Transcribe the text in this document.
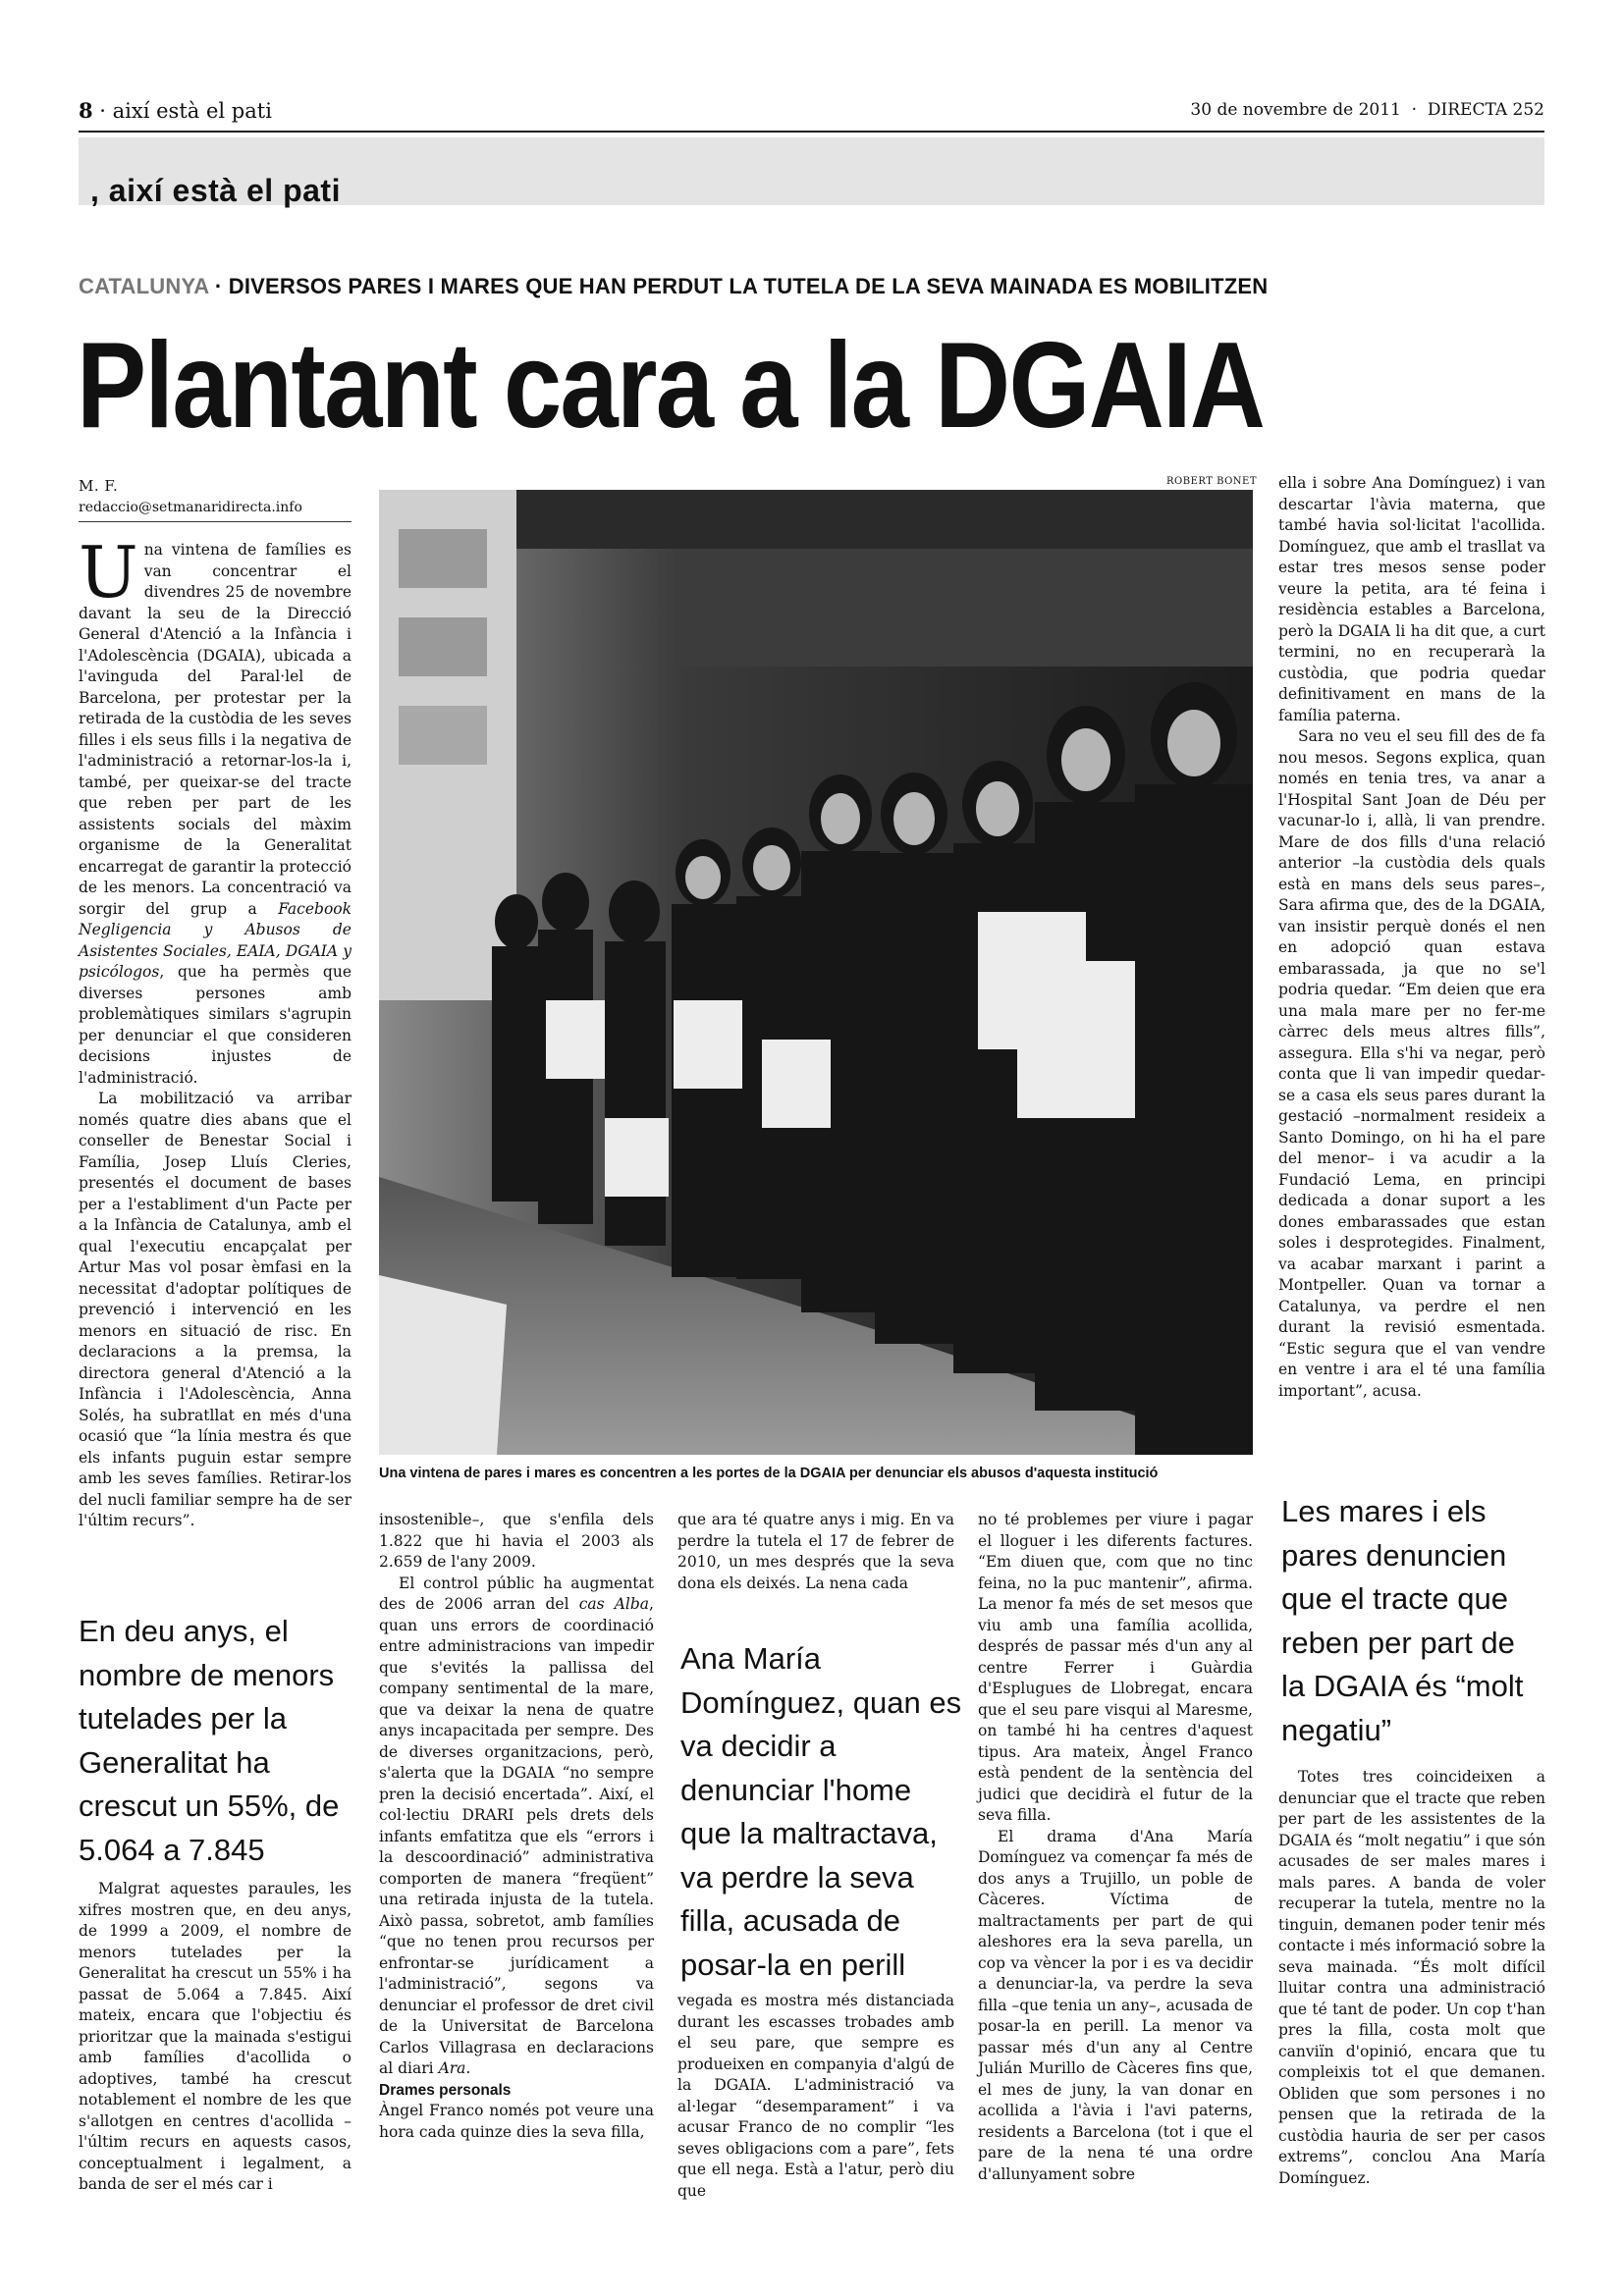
8 · així està el pati	30 de novembre de 2011  ·  DIRECTA 252
, així està el pati
CATALUNYA · DIVERSOS PARES I MARES QUE HAN PERDUT LA TUTELA DE LA SEVA MAINADA ES MOBILITZEN
Plantant cara a la DGAIA
M. F.
redaccio@setmanaridirecta.info
ROBERT BONET
Una vintena de pares i mares es concentren a les portes de la DGAIA per denunciar els abusos d'aquesta institució

Una vintena de famílies es van concentrar el divendres 25 de novembre davant la seu de la Direcció General d'Atenció a la Infància i l'Adolescència (DGAIA), ubicada a l'avinguda del Paral·lel de Barcelona, per protestar per la retirada de la custòdia de les seves filles i els seus fills i la negativa de l'administració a retornar-los-la i, també, per queixar-se del tracte que reben per part de les assistents socials del màxim organisme de la Generalitat encarregat de garantir la protecció de les menors. La concentració va sorgir del grup a Facebook Negligencia y Abusos de Asistentes Sociales, EAIA, DGAIA y psicólogos, que ha permès que diverses persones amb problemàtiques similars s'agrupin per denunciar el que consideren decisions injustes de l'administració.

La mobilització va arribar només quatre dies abans que el conseller de Benestar Social i Família, Josep Lluís Cleries, presentés el document de bases per a l'establiment d'un Pacte per a la Infància de Catalunya, amb el qual l'executiu encapçalat per Artur Mas vol posar èmfasi en la necessitat d'adoptar polítiques de prevenció i intervenció en les menors en situació de risc. En declaracions a la premsa, la directora general d'Atenció a la Infància i l'Adolescència, Anna Solés, ha subratllat en més d'una ocasió que “la línia mestra és que els infants puguin estar sempre amb les seves famílies. Retirar-los del nucli familiar sempre ha de ser l'últim recurs”.

En deu anys, el nombre de menors tutelades per la Generalitat ha crescut un 55%, de 5.064 a 7.845

Malgrat aquestes paraules, les xifres mostren que, en deu anys, de 1999 a 2009, el nombre de menors tutelades per la Generalitat ha crescut un 55% i ha passat de 5.064 a 7.845. Així mateix, encara que l'objectiu és prioritzar que la mainada s'estigui amb famílies d'acollida o adoptives, també ha crescut notablement el nombre de les que s'allotgen en centres d'acollida –l'últim recurs en aquests casos, conceptualment i legalment, a banda de ser el més car i

insostenible–, que s'enfila dels 1.822 que hi havia el 2003 als 2.659 de l'any 2009.

El control públic ha augmentat des de 2006 arran del cas Alba, quan uns errors de coordinació entre administracions van impedir que s'evités la pallissa del company sentimental de la mare, que va deixar la nena de quatre anys incapacitada per sempre. Des de diverses organitzacions, però, s'alerta que la DGAIA “no sempre pren la decisió encertada”. Així, el col·lectiu DRARI pels drets dels infants emfatitza que els “errors i la descoordinació” administrativa comporten de manera “freqüent” una retirada injusta de la tutela. Això passa, sobretot, amb famílies “que no tenen prou recursos per enfrontar-se jurídicament a l'administració”, segons va denunciar el professor de dret civil de la Universitat de Barcelona Carlos Villagrasa en declaracions al diari Ara.

Drames personals

Àngel Franco només pot veure una hora cada quinze dies la seva filla,

que ara té quatre anys i mig. En va perdre la tutela el 17 de febrer de 2010, un mes després que la seva dona els deixés. La nena cada

Ana María Domínguez, quan es va decidir a denunciar l'home que la maltractava, va perdre la seva filla, acusada de posar-la en perill

vegada es mostra més distanciada durant les escasses trobades amb el seu pare, que sempre es produeixen en companyia d'algú de la DGAIA. L'administració va al·legar “desemparament” i va acusar Franco de no complir “les seves obligacions com a pare”, fets que ell nega. Està a l'atur, però diu que

no té problemes per viure i pagar el lloguer i les diferents factures. “Em diuen que, com que no tinc feina, no la puc mantenir”, afirma. La menor fa més de set mesos que viu amb una família acollida, després de passar més d'un any al centre Ferrer i Guàrdia d'Esplugues de Llobregat, encara que el seu pare visqui al Maresme, on també hi ha centres d'aquest tipus. Ara mateix, Àngel Franco està pendent de la sentència del judici que decidirà el futur de la seva filla.

El drama d'Ana María Domínguez va començar fa més de dos anys a Trujillo, un poble de Càceres. Víctima de maltractaments per part de qui aleshores era la seva parella, un cop va vèncer la por i es va decidir a denunciar-la, va perdre la seva filla –que tenia un any–, acusada de posar-la en perill. La menor va passar més d'un any al Centre Julián Murillo de Càceres fins que, el mes de juny, la van donar en acollida a l'àvia i l'avi paterns, residents a Barcelona (tot i que el pare de la nena té una ordre d'allunyament sobre

ella i sobre Ana Domínguez) i van descartar l'àvia materna, que també havia sol·licitat l'acollida. Domínguez, que amb el trasllat va estar tres mesos sense poder veure la petita, ara té feina i residència estables a Barcelona, però la DGAIA li ha dit que, a curt termini, no en recuperarà la custòdia, que podria quedar definitivament en mans de la família paterna.

Sara no veu el seu fill des de fa nou mesos. Segons explica, quan només en tenia tres, va anar a l'Hospital Sant Joan de Déu per vacunar-lo i, allà, li van prendre. Mare de dos fills d'una relació anterior –la custòdia dels quals està en mans dels seus pares–, Sara afirma que, des de la DGAIA, van insistir perquè donés el nen en adopció quan estava embarassada, ja que no se'l podria quedar. “Em deien que era una mala mare per no fer-me càrrec dels meus altres fills”, assegura. Ella s'hi va negar, però conta que li van impedir quedar-se a casa els seus pares durant la gestació –normalment resideix a Santo Domingo, on hi ha el pare del menor– i va acudir a la Fundació Lema, en principi dedicada a donar suport a les dones embarassades que estan soles i desprotegides. Finalment, va acabar marxant i parint a Montpeller. Quan va tornar a Catalunya, va perdre el nen durant la revisió esmentada. “Estic segura que el van vendre en ventre i ara el té una família important”, acusa.

Les mares i els pares denuncien que el tracte que reben per part de la DGAIA és “molt negatiu”

Totes tres coincideixen a denunciar que el tracte que reben per part de les assistentes de la DGAIA és “molt negatiu” i que són acusades de ser males mares i mals pares. A banda de voler recuperar la tutela, mentre no la tinguin, demanen poder tenir més contacte i més informació sobre la seva mainada. “És molt difícil lluitar contra una administració que té tant de poder. Un cop t'han pres la filla, costa molt que canviïn d'opinió, encara que tu compleixis tot el que demanen. Obliden que som persones i no pensen que la retirada de la custòdia hauria de ser per casos extrems”, conclou Ana María Domínguez.
